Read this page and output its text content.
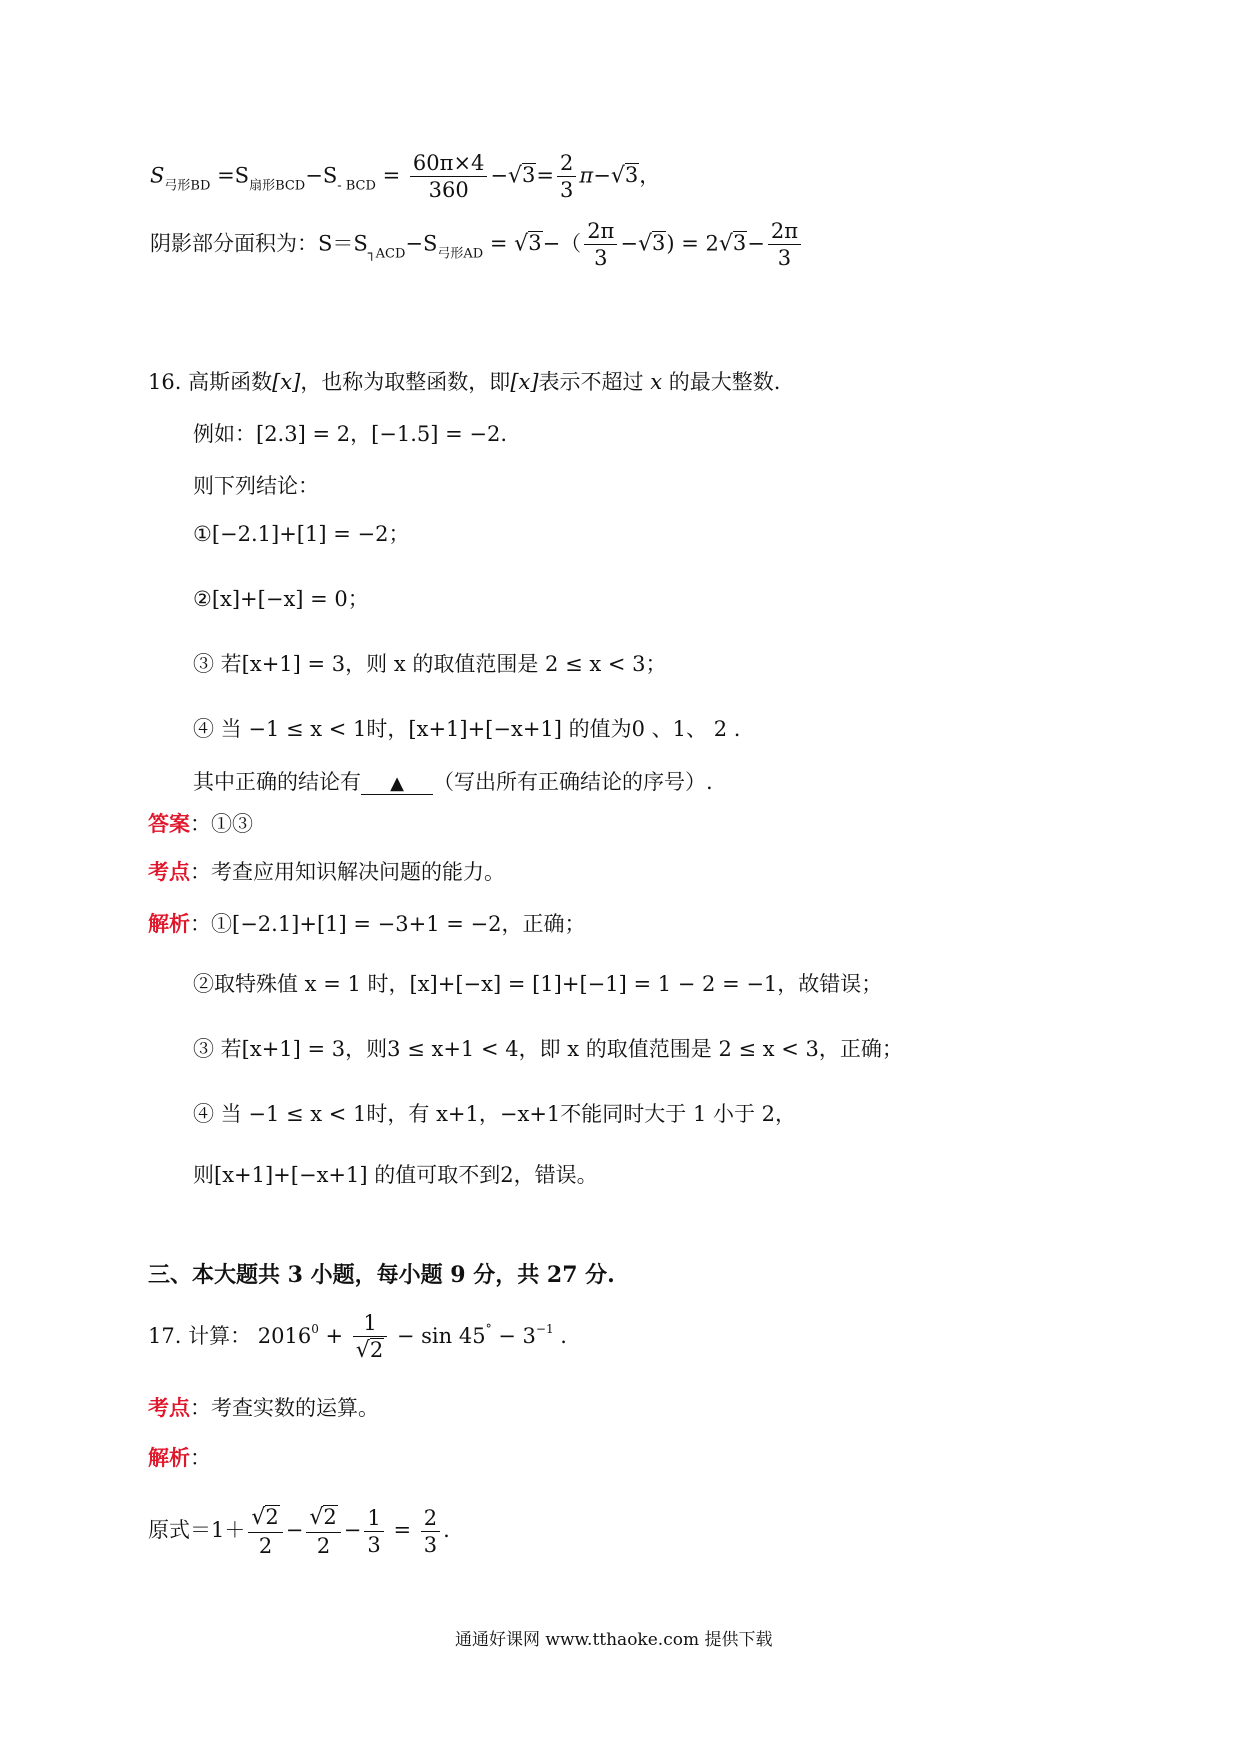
$S_{弓形BD} =S_{扇形BCD}-S_{- BCD} = \frac{60\pi\times 4}{360} -√3= \frac{2}{3} \pi-√3$，
阴影部分面积为：$S=S_{┐ACD}-S_{弓形AD} = √3-( \frac{2\pi}{3} -√3) = 2√3- \frac{2\pi}{3}$
16. 高斯函数[x]，也称为取整函数，即[x]表示不超过 x 的最大整数.
例如：[2.3] = 2，[−1.5] = −2.
则下列结论：
①[−2.1]+[1] = −2；
②[x]+[−x] = 0；
③ 若[x+1] = 3，则 x 的取值范围是 2 ≤ x < 3；
④ 当 −1 ≤ x < 1时，[x+1]+[−x+1] 的值为0 、1、 2 .
其中正确的结论有 ▲ （写出所有正确结论的序号）.
答案：①③
考点：考查应用知识解决问题的能力。
解析：①[−2.1]+[1] = −3+1 = −2，正确；
②取特殊值 x = 1 时，[x]+[−x] = [1]+[−1] = 1 − 2 = −1，故错误；
③ 若[x+1] = 3，则3 ≤ x+1 < 4，即 x 的取值范围是 2 ≤ x < 3，正确；
④ 当 −1 ≤ x < 1时，有 x+1，−x+1不能同时大于 1 小于 2，
则[x+1]+[−x+1] 的值可取不到2，错误。
三、本大题共 3 小题，每小题 9 分，共 27 分.
17. 计算： $2016^0 + \frac{1}{√2} - \sin 45^\circ - 3^{-1}$ .
考点：考查实数的运算。
解析：
原式$=1+ \frac{√2}{2} - \frac{√2}{2} - \frac{1}{3} = \frac{2}{3}$ .
通通好课网 www.tthaoke.com 提供下载
